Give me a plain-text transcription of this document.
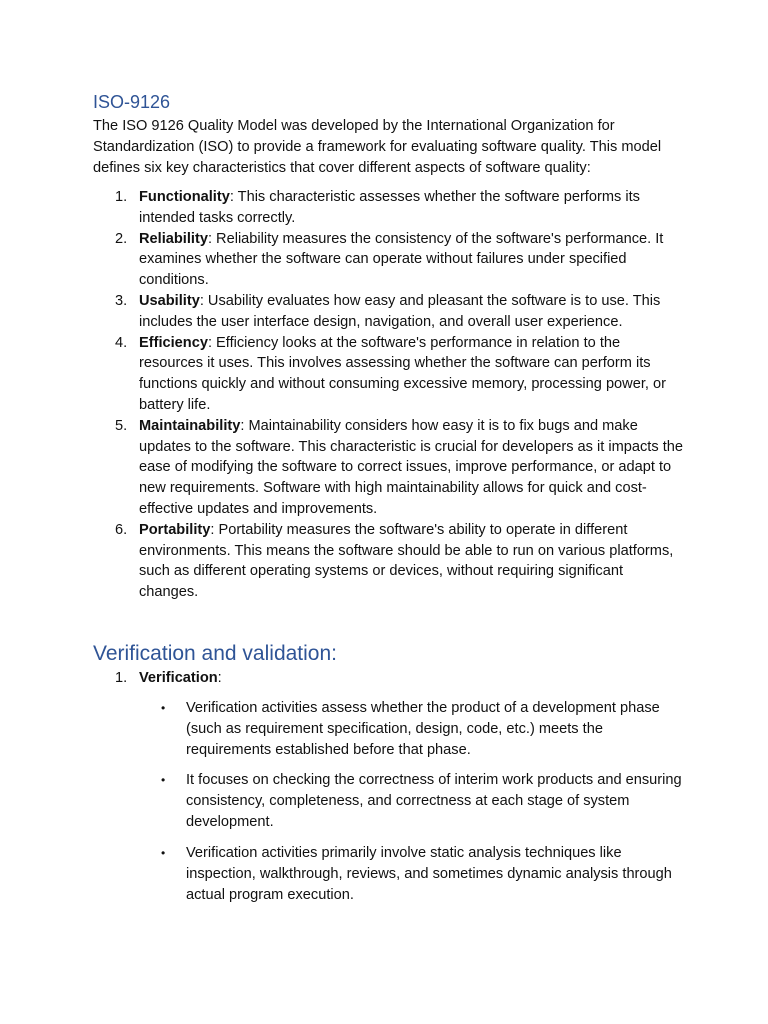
ISO-9126

The ISO 9126 Quality Model was developed by the International Organization for Standardization (ISO) to provide a framework for evaluating software quality. This model defines six key characteristics that cover different aspects of software quality:

1. Functionality: This characteristic assesses whether the software performs its intended tasks correctly.
2. Reliability: Reliability measures the consistency of the software's performance. It examines whether the software can operate without failures under specified conditions.
3. Usability: Usability evaluates how easy and pleasant the software is to use. This includes the user interface design, navigation, and overall user experience.
4. Efficiency: Efficiency looks at the software's performance in relation to the resources it uses. This involves assessing whether the software can perform its functions quickly and without consuming excessive memory, processing power, or battery life.
5. Maintainability: Maintainability considers how easy it is to fix bugs and make updates to the software. This characteristic is crucial for developers as it impacts the ease of modifying the software to correct issues, improve performance, or adapt to new requirements. Software with high maintainability allows for quick and cost-effective updates and improvements.
6. Portability: Portability measures the software's ability to operate in different environments. This means the software should be able to run on various platforms, such as different operating systems or devices, without requiring significant changes.
Verification and validation:
1. Verification:
• Verification activities assess whether the product of a development phase (such as requirement specification, design, code, etc.) meets the requirements established before that phase.
• It focuses on checking the correctness of interim work products and ensuring consistency, completeness, and correctness at each stage of system development.
• Verification activities primarily involve static analysis techniques like inspection, walkthrough, reviews, and sometimes dynamic analysis through actual program execution.
